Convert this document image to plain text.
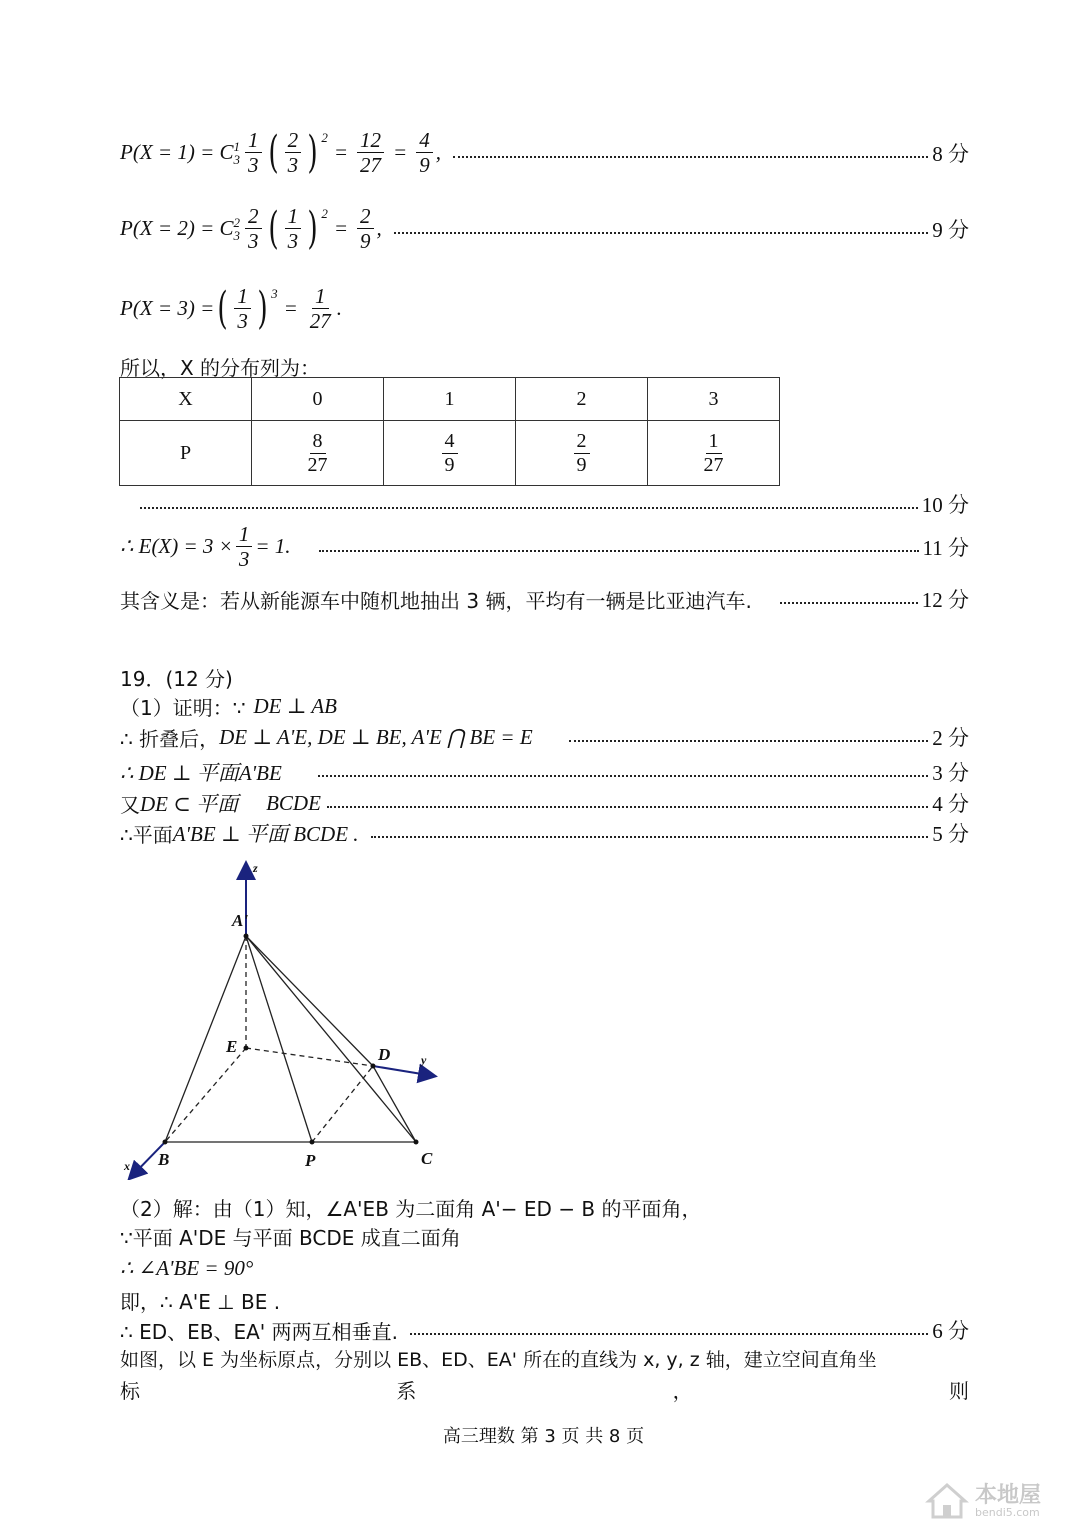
P(X = 1) = C 1
$3 \frac{1}{3}$ ( $\frac{2}{3}$ ) 2
= $\frac{12}{27} = \frac{4}{9}$ ,	8 分
P(X = 2) = C 2
$3 \frac{2}{3}$ ( $\frac{1}{3}$ ) 2
= $\frac{2}{9}$ ,	9 分
P(X = 3) = ( $\frac{1}{3}$ ) 3
= $\frac{1}{27}$ .
所以，X 的分布列为：
X	0	1	2	3
P	$\frac{8}{27}$	$\frac{4}{9}$	$\frac{2}{9}$	$\frac{1}{27}$
10 分
∴ $E(X) = 3 \times \frac{1}{3} = 1$.	11 分
其含义是：若从新能源车中随机地抽出 3 辆，平均有一辆是比亚迪汽车.	12 分
19．(12 分)
（1）证明：∵ DE ⊥ AB
∴ 折叠后， DE ⊥ A'E, DE ⊥ BE, A'E ⋂ BE = E	2 分
∴ DE ⊥ 平面A'BE	3 分
又 DE ⊂ 平面 BCDE	4 分
∴平面 A'BE ⊥ 平面 BCDE .	5 分
z
A'
E	D	y
x B	P	C
（2）解：由（1）知，∠A'EB 为二面角 A'− ED − B 的平面角，
∵平面 A'DE 与平面 BCDE 成直二面角
∴ ∠A'BE = 90°
即，∴ A'E ⊥ BE .
∴ ED、EB、EA' 两两互相垂直.	6 分
如图，以 E 为坐标原点，分别以 EB、ED、EA' 所在的直线为 x, y, z 轴，建立空间直角坐
标	系	，	则
高三理数 第 3 页 共 8 页
本地屋
bendi5.com
